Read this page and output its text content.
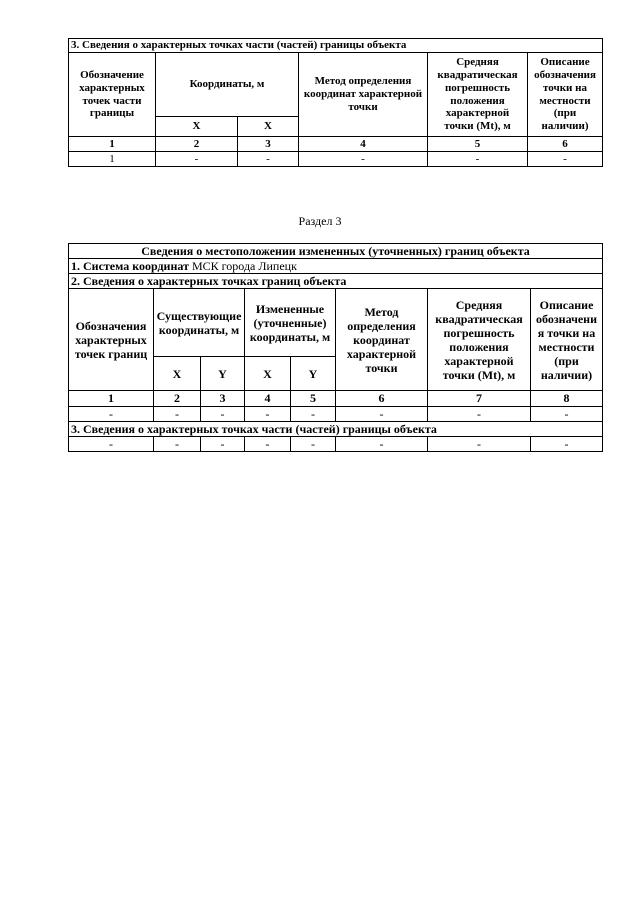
3. Сведения о характерных точках части (частей) границы объекта					
Обозначение характерных точек части границы	Координаты, м		Метод определения координат характерной точки	Средняя квадратическая погрешность положения характерной точки (Mt), м	Описание обозначения точки на местности (при наличии)
	X	X			
1	2	3	4	5	6
1	-	-	-	-	-
Раздел 3
Сведения о местоположении измененных (уточненных) границ объекта							
1. Система координат МСК города Липецк							
2. Сведения о характерных точках границ объекта							
Обозначения характерных точек границ	Существующие координаты, м		Измененные (уточненные) координаты, м		Метод определения координат характерной точки	Средняя квадратическая погрешность положения характерной точки (Mt), м	Описание обозначения точки на местности (при наличии)
	X	Y	X	Y			
1	2	3	4	5	6	7	8
-	-	-	-	-	-	-	-
3. Сведения о характерных точках части (частей) границы объекта							
-	-	-	-	-	-	-	-
